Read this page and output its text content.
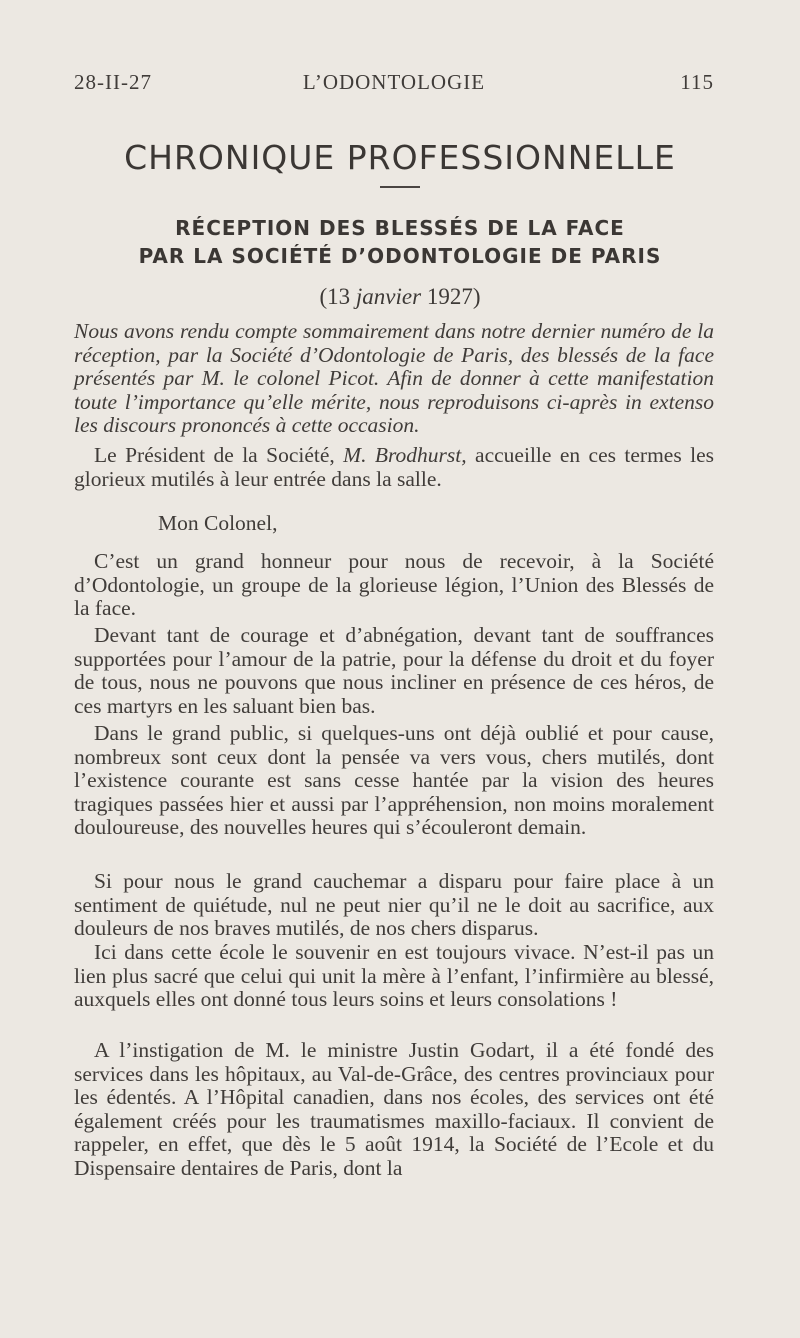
28-II-27	L’ODONTOLOGIE	115
CHRONIQUE PROFESSIONNELLE
RÉCEPTION DES BLESSÉS DE LA FACE
PAR LA SOCIÉTÉ D’ODONTOLOGIE DE PARIS
(13 janvier 1927)
Nous avons rendu compte sommairement dans notre dernier numéro de la réception, par la Société d’Odontologie de Paris, des blessés de la face présentés par M. le colonel Picot. Afin de donner à cette manifestation toute l’importance qu’elle mérite, nous reproduisons ci-après in extenso les discours prononcés à cette occasion.
Le Président de la Société, M. Brodhurst, accueille en ces termes les glorieux mutilés à leur entrée dans la salle.
Mon Colonel,
C’est un grand honneur pour nous de recevoir, à la Société d’Odontologie, un groupe de la glorieuse légion, l’Union des Blessés de la face.
Devant tant de courage et d’abnégation, devant tant de souffrances supportées pour l’amour de la patrie, pour la défense du droit et du foyer de tous, nous ne pouvons que nous incliner en présence de ces héros, de ces martyrs en les saluant bien bas.
Dans le grand public, si quelques-uns ont déjà oublié et pour cause, nombreux sont ceux dont la pensée va vers vous, chers mutilés, dont l’existence courante est sans cesse hantée par la vision des heures tragiques passées hier et aussi par l’appréhension, non moins moralement douloureuse, des nouvelles heures qui s’écouleront demain.
Si pour nous le grand cauchemar a disparu pour faire place à un sentiment de quiétude, nul ne peut nier qu’il ne le doit au sacrifice, aux douleurs de nos braves mutilés, de nos chers disparus.
Ici dans cette école le souvenir en est toujours vivace. N’est-il pas un lien plus sacré que celui qui unit la mère à l’enfant, l’infirmière au blessé, auxquels elles ont donné tous leurs soins et leurs consolations !
A l’instigation de M. le ministre Justin Godart, il a été fondé des services dans les hôpitaux, au Val-de-Grâce, des centres provinciaux pour les édentés. A l’Hôpital canadien, dans nos écoles, des services ont été également créés pour les traumatismes maxillo-faciaux. Il convient de rappeler, en effet, que dès le 5 août 1914, la Société de l’Ecole et du Dispensaire dentaires de Paris, dont la
